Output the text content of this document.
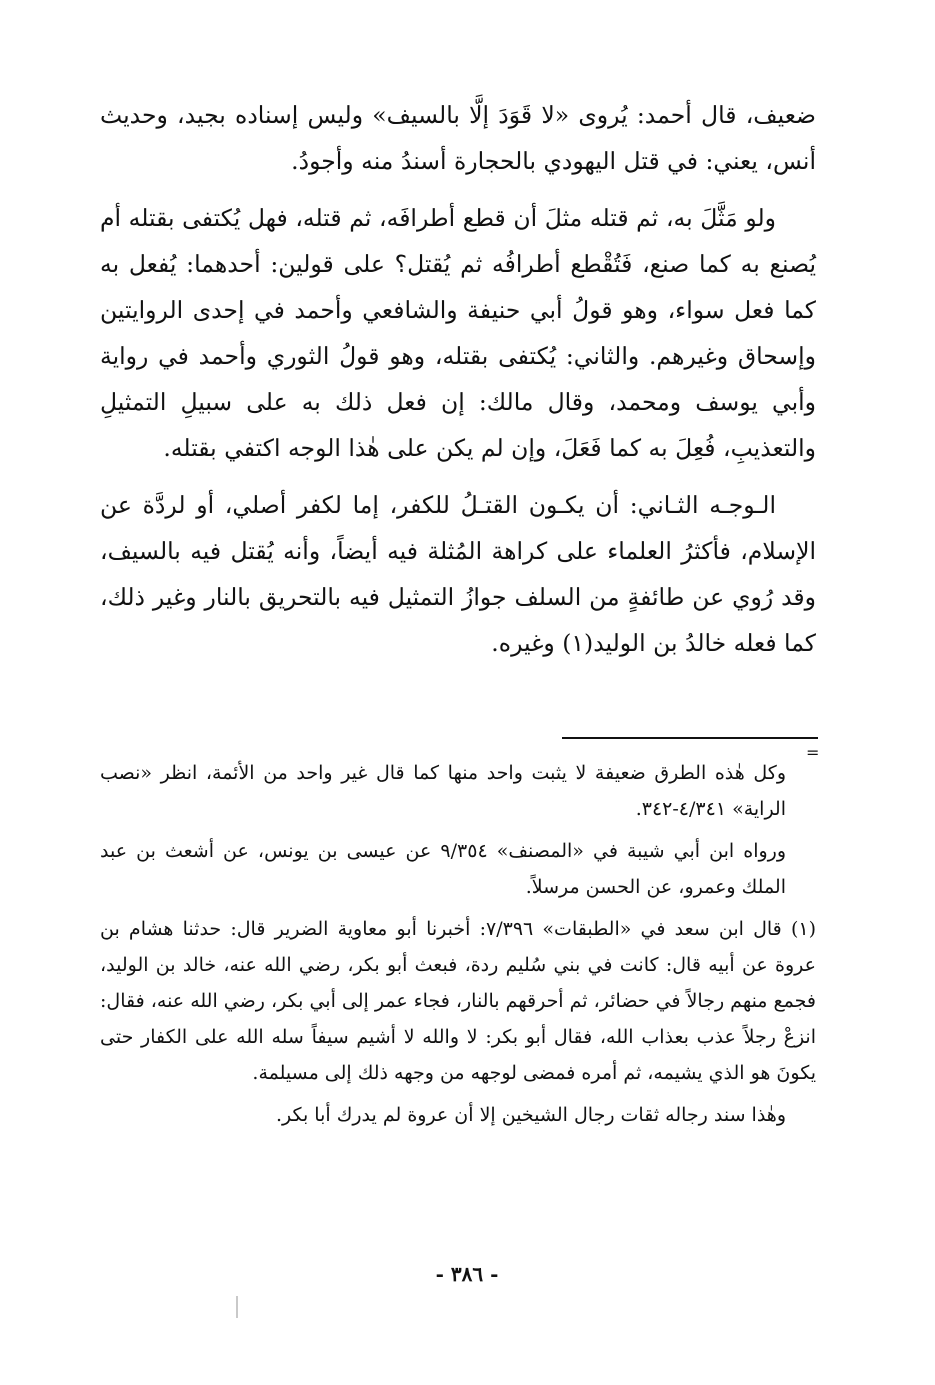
ضعيف، قال أحمد: يُروى «لا قَوَدَ إلَّا بالسيف» وليس إسناده بجيد، وحديث أنس، يعني: في قتل اليهودي بالحجارة أسندُ منه وأجودُ.

ولو مَثَّلَ به، ثم قتله مثلَ أن قطع أطرافَه، ثم قتله، فهل يُكتفى بقتله أم يُصنع به كما صنع، فَتُقْطع أطرافُه ثم يُقتل؟ على قولين: أحدهما: يُفعل به كما فعل سواء، وهو قولُ أبي حنيفة والشافعي وأحمد في إحدى الروايتين وإسحاق وغيرهم. والثاني: يُكتفى بقتله، وهو قولُ الثوري وأحمد في رواية وأبي يوسف ومحمد، وقال مالك: إن فعل ذلك به على سبيلِ التمثيلِ والتعذيبِ، فُعِلَ به كما فَعَلَ، وإن لم يكن على هٰذا الوجه اكتفي بقتله.

الـوجـه الثـاني: أن يكـون القتـلُ للكفر، إما لكفر أصلي، أو لردَّة عن الإسلام، فأكثرُ العلماء على كراهة المُثلة فيه أيضاً، وأنه يُقتل فيه بالسيف، وقد رُوي عن طائفةٍ من السلف جوازُ التمثيل فيه بالتحريق بالنار وغير ذلك، كما فعله خالدُ بن الوليد(١) وغيره.

=

وكل هٰذه الطرق ضعيفة لا يثبت واحد منها كما قال غير واحد من الأئمة، انظر «نصب الراية» ٤/٣٤١-٣٤٢.

ورواه ابن أبي شيبة في «المصنف» ٩/٣٥٤ عن عيسى بن يونس، عن أشعث بن عبد الملك وعمرو، عن الحسن مرسلاً.

(١) قال ابن سعد في «الطبقات» ٧/٣٩٦: أخبرنا أبو معاوية الضرير قال: حدثنا هشام بن عروة عن أبيه قال: كانت في بني سُليم ردة، فبعث أبو بكر، رضي الله عنه، خالد بن الوليد، فجمع منهم رجالاً في حضائر، ثم أحرقهم بالنار، فجاء عمر إلى أبي بكر، رضي الله عنه، فقال: انزعْ رجلاً عذب بعذاب الله، فقال أبو بكر: لا والله لا أشيم سيفاً سله الله على الكفار حتى يكونَ هو الذي يشيمه، ثم أمره فمضى لوجهه من وجهه ذلك إلى مسيلمة.

وهٰذا سند رجاله ثقات رجال الشيخين إلا أن عروة لم يدرك أبا بكر.

- ٣٨٦ -
